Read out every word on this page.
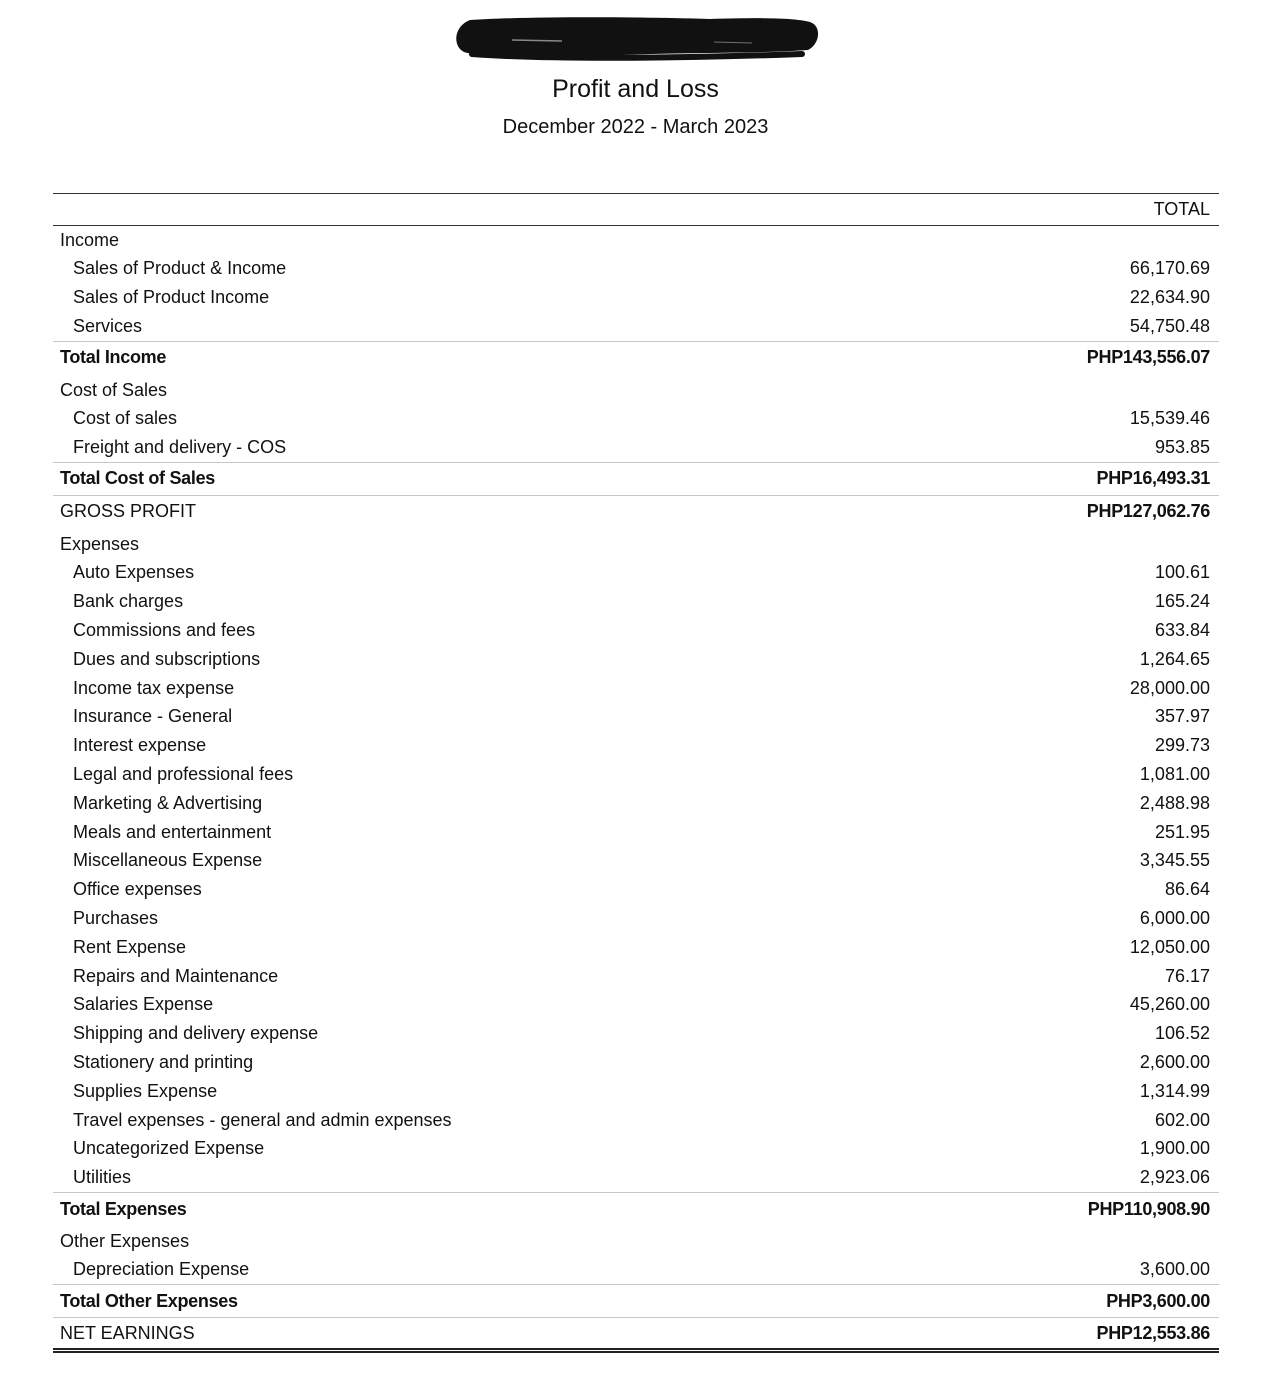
Profit and Loss
December 2022 - March 2023
TOTAL
Income
Sales of Product & Income	66,170.69
Sales of Product Income	22,634.90
Services	54,750.48
Total Income	PHP143,556.07
Cost of Sales
Cost of sales	15,539.46
Freight and delivery - COS	953.85
Total Cost of Sales	PHP16,493.31
GROSS PROFIT	PHP127,062.76
Expenses
Auto Expenses	100.61
Bank charges	165.24
Commissions and fees	633.84
Dues and subscriptions	1,264.65
Income tax expense	28,000.00
Insurance - General	357.97
Interest expense	299.73
Legal and professional fees	1,081.00
Marketing & Advertising	2,488.98
Meals and entertainment	251.95
Miscellaneous Expense	3,345.55
Office expenses	86.64
Purchases	6,000.00
Rent Expense	12,050.00
Repairs and Maintenance	76.17
Salaries Expense	45,260.00
Shipping and delivery expense	106.52
Stationery and printing	2,600.00
Supplies Expense	1,314.99
Travel expenses - general and admin expenses	602.00
Uncategorized Expense	1,900.00
Utilities	2,923.06
Total Expenses	PHP110,908.90
Other Expenses
Depreciation Expense	3,600.00
Total Other Expenses	PHP3,600.00
NET EARNINGS	PHP12,553.86
